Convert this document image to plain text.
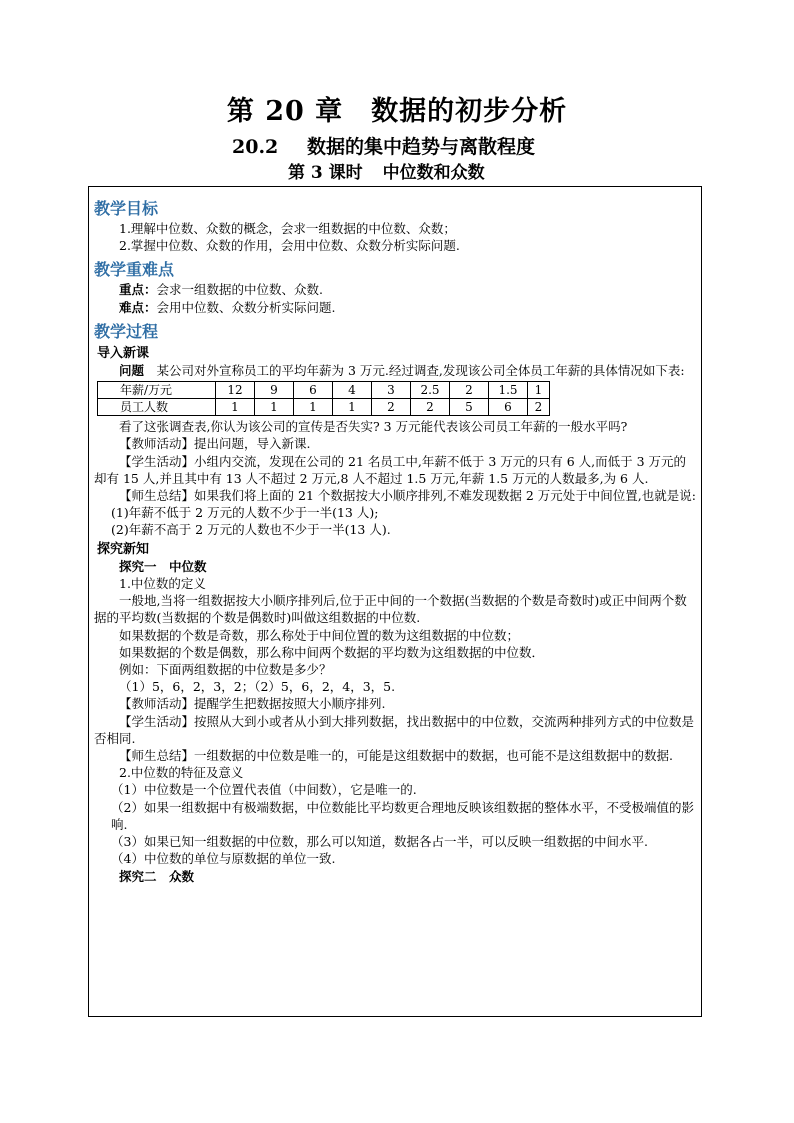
第 20 章　数据的初步分析
20.2 数据的集中趋势与离散程度
第 3 课时 中位数和众数
教学目标

1.理解中位数、众数的概念，会求一组数据的中位数、众数；

2.掌握中位数、众数的作用，会用中位数、众数分析实际问题.

教学重难点

重点：会求一组数据的中位数、众数.

难点：会用中位数、众数分析实际问题.

教学过程
导入新课

问题　某公司对外宣称员工的平均年薪为 3 万元.经过调查,发现该公司全体员工年薪的具体情况如下表:

年薪/万元	12	9	6	4	3	2.5	2	1.5	1
员工人数	1	1	1	1	2	2	5	6	2

看了这张调查表,你认为该公司的宣传是否失实? 3 万元能代表该公司员工年薪的一般水平吗?

【教师活动】提出问题，导入新课.

【学生活动】小组内交流，发现在公司的 21 名员工中,年薪不低于 3 万元的只有 6 人,而低于 3 万元的却有 15 人,并且其中有 13 人不超过 2 万元,8 人不超过 1.5 万元,年薪 1.5 万元的人数最多,为 6 人.

【师生总结】如果我们将上面的 21 个数据按大小顺序排列,不难发现数据 2 万元处于中间位置,也就是说:

(1)年薪不低于 2 万元的人数不少于一半(13 人);

(2)年薪不高于 2 万元的人数也不少于一半(13 人).

探究新知

探究一　中位数

1.中位数的定义

一般地,当将一组数据按大小顺序排列后,位于正中间的一个数据(当数据的个数是奇数时)或正中间两个数据的平均数(当数据的个数是偶数时)叫做这组数据的中位数.

如果数据的个数是奇数，那么称处于中间位置的数为这组数据的中位数；

如果数据的个数是偶数，那么称中间两个数据的平均数为这组数据的中位数．

例如：下面两组数据的中位数是多少？

（1）5，6，2，3，2；（2）5，6，2，4，3，5.

【教师活动】提醒学生把数据按照大小顺序排列.

【学生活动】按照从大到小或者从小到大排列数据，找出数据中的中位数，交流两种排列方式的中位数是否相同.

【师生总结】一组数据的中位数是唯一的，可能是这组数据中的数据，也可能不是这组数据中的数据.

2.中位数的特征及意义

（1）中位数是一个位置代表值（中间数），它是唯一的.

（2）如果一组数据中有极端数据，中位数能比平均数更合理地反映该组数据的整体水平，不受极端值的影响.

（3）如果已知一组数据的中位数，那么可以知道，数据各占一半，可以反映一组数据的中间水平.

（4）中位数的单位与原数据的单位一致.

探究二　众数
